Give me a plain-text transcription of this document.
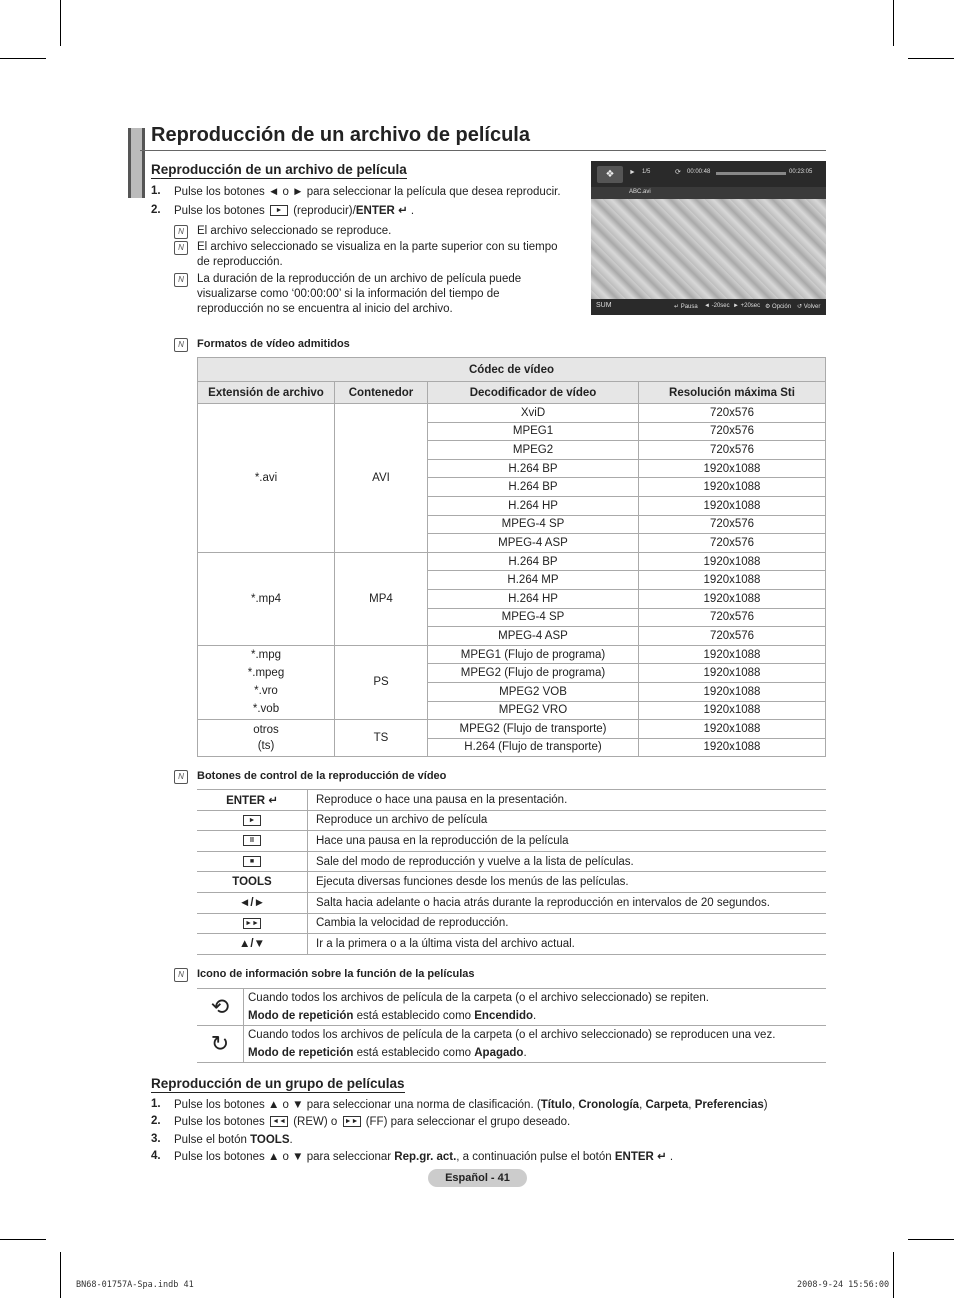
Reproducción de un archivo de película
Reproducción de un archivo de película
1. Pulse los botones ◄ o ► para seleccionar la película que desea reproducir.
2. Pulse los botones ► (reproducir)/ENTER ↵ .
N	El archivo seleccionado se reproduce.
N	El archivo seleccionado se visualiza en la parte superior con su tiempo de reproducción.
N	La duración de la reproducción de un archivo de película puede visualizarse como ‘00:00:00’ si la información del tiempo de reproducción no se encuentra al inicio del archivo.
❖	► 1/5	⟳ 00:00:48	00:23:05
ABC.avi
SUM	↵ Pausa ◄ -20sec ► +20sec ⚙ Opción ↺ Volver
N	Formatos de vídeo admitidos
Códec de vídeo			
Extensión de archivo	Contenedor	Decodificador de vídeo	Resolución máxima Sti
*.avi	AVI	XviD	720x576
		MPEG1	720x576
		MPEG2	720x576
		H.264 BP	1920x1088
		H.264 BP	1920x1088
		H.264 HP	1920x1088
		MPEG-4 SP	720x576
		MPEG-4 ASP	720x576
*.mp4	MP4	H.264 BP	1920x1088
		H.264 MP	1920x1088
		H.264 HP	1920x1088
		MPEG-4 SP	720x576
		MPEG-4 ASP	720x576
*.mpg
*.mpeg
*.vro
*.vob	PS	MPEG1 (Flujo de programa)	1920x1088
		MPEG2 (Flujo de programa)	1920x1088
		MPEG2 VOB	1920x1088
		MPEG2 VRO	1920x1088
otros
(ts)	TS	MPEG2 (Flujo de transporte)	1920x1088
		H.264 (Flujo de transporte)	1920x1088
N	Botones de control de la reproducción de vídeo
ENTER ↵	Reproduce o hace una pausa en la presentación.
►	Reproduce un archivo de película
II	Hace una pausa en la reproducción de la película
■	Sale del modo de reproducción y vuelve a la lista de películas.
TOOLS	Ejecuta diversas funciones desde los menús de las películas.
◄/►	Salta hacia adelante o hacia atrás durante la reproducción en intervalos de 20 segundos.
►►	Cambia la velocidad de reproducción.
▲/▼	Ir a la primera o a la última vista del archivo actual.
N	Icono de información sobre la función de la películas
⟲	Cuando todos los archivos de película de la carpeta (o el archivo seleccionado) se repiten.
Modo de repetición está establecido como Encendido.
↻	Cuando todos los archivos de película de la carpeta (o el archivo seleccionado) se reproducen una vez.
Modo de repetición está establecido como Apagado.
Reproducción de un grupo de películas
1. Pulse los botones ▲ o ▼ para seleccionar una norma de clasificación. (Título, Cronología, Carpeta, Preferencias)
2. Pulse los botones ◄◄ (REW) o ►► (FF) para seleccionar el grupo deseado.
3. Pulse el botón TOOLS.
4. Pulse los botones ▲ o ▼ para seleccionar Rep.gr. act., a continuación pulse el botón ENTER ↵ .
Español - 41
BN68-01757A-Spa.indb 41	2008-9-24 15:56:00
